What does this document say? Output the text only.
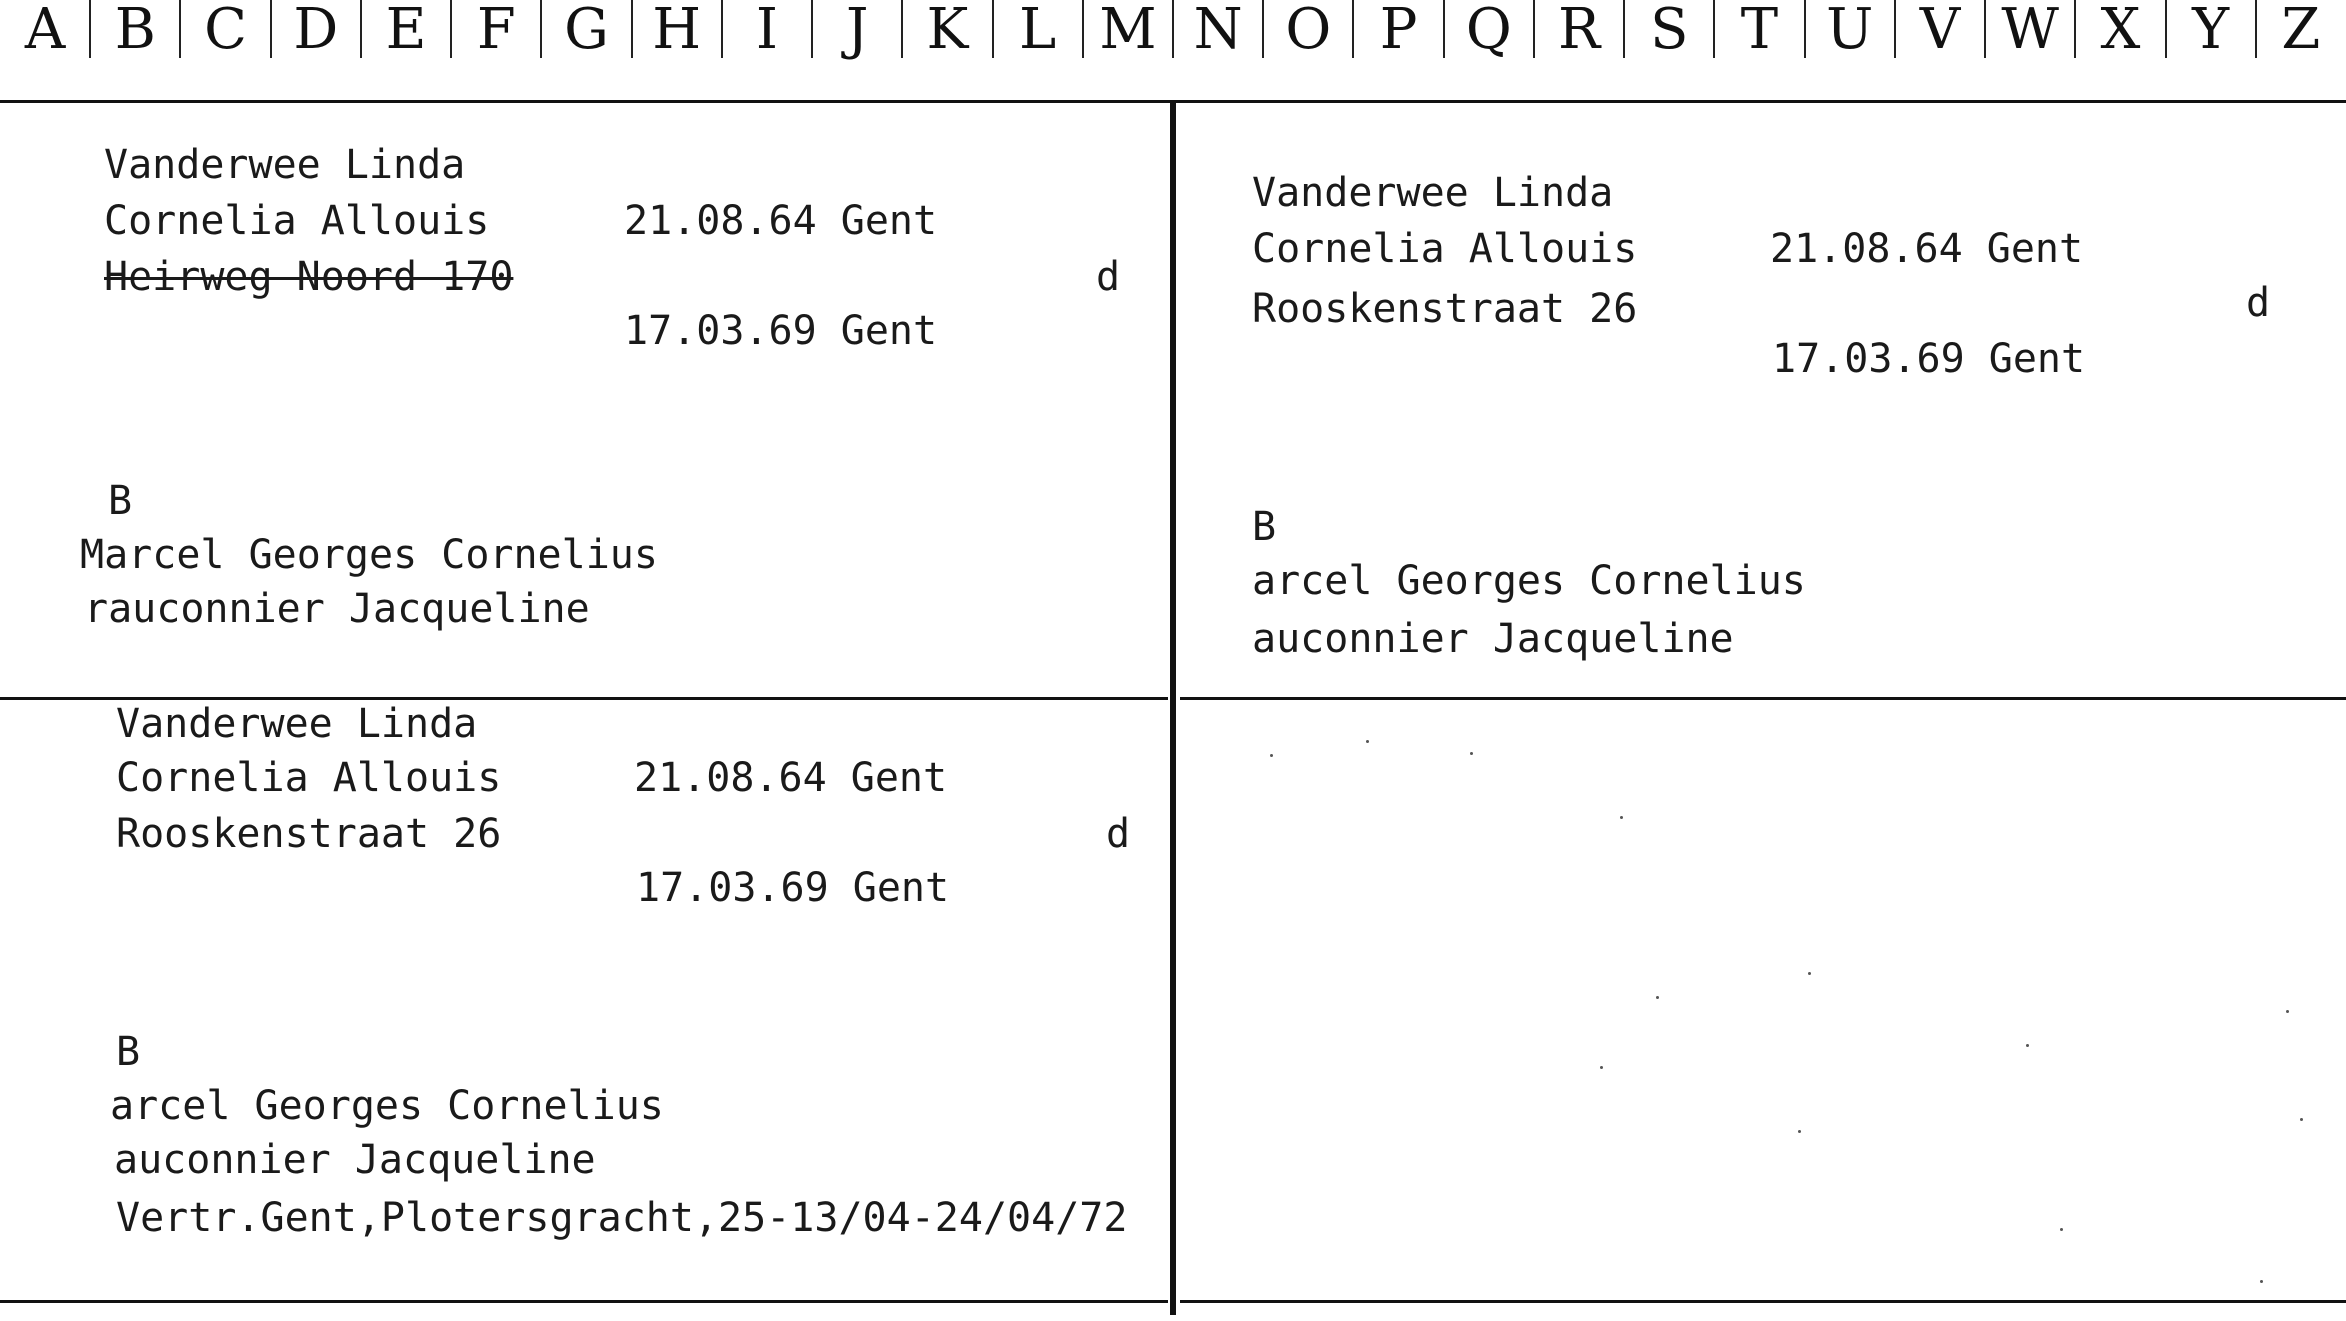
A B C D E F G H I	J	K L M N O P Q R S T U V W X Y Z
Vanderwee Linda
Cornelia Allouis	21.08.64 Gent
Heirweg Noord 170	d
17.03.69 Gent
B
Marcel Georges Cornelius
rauconnier Jacqueline
Vanderwee Linda
Cornelia Allouis	21.08.64 Gent
Rooskenstraat 26	d
17.03.69 Gent
B
arcel Georges Cornelius
auconnier Jacqueline
Vanderwee Linda
Cornelia Allouis	21.08.64 Gent
Rooskenstraat 26	d
17.03.69 Gent
B
arcel Georges Cornelius
auconnier Jacqueline
Vertr.Gent,Plotersgracht,25-13/04-24/04/72
